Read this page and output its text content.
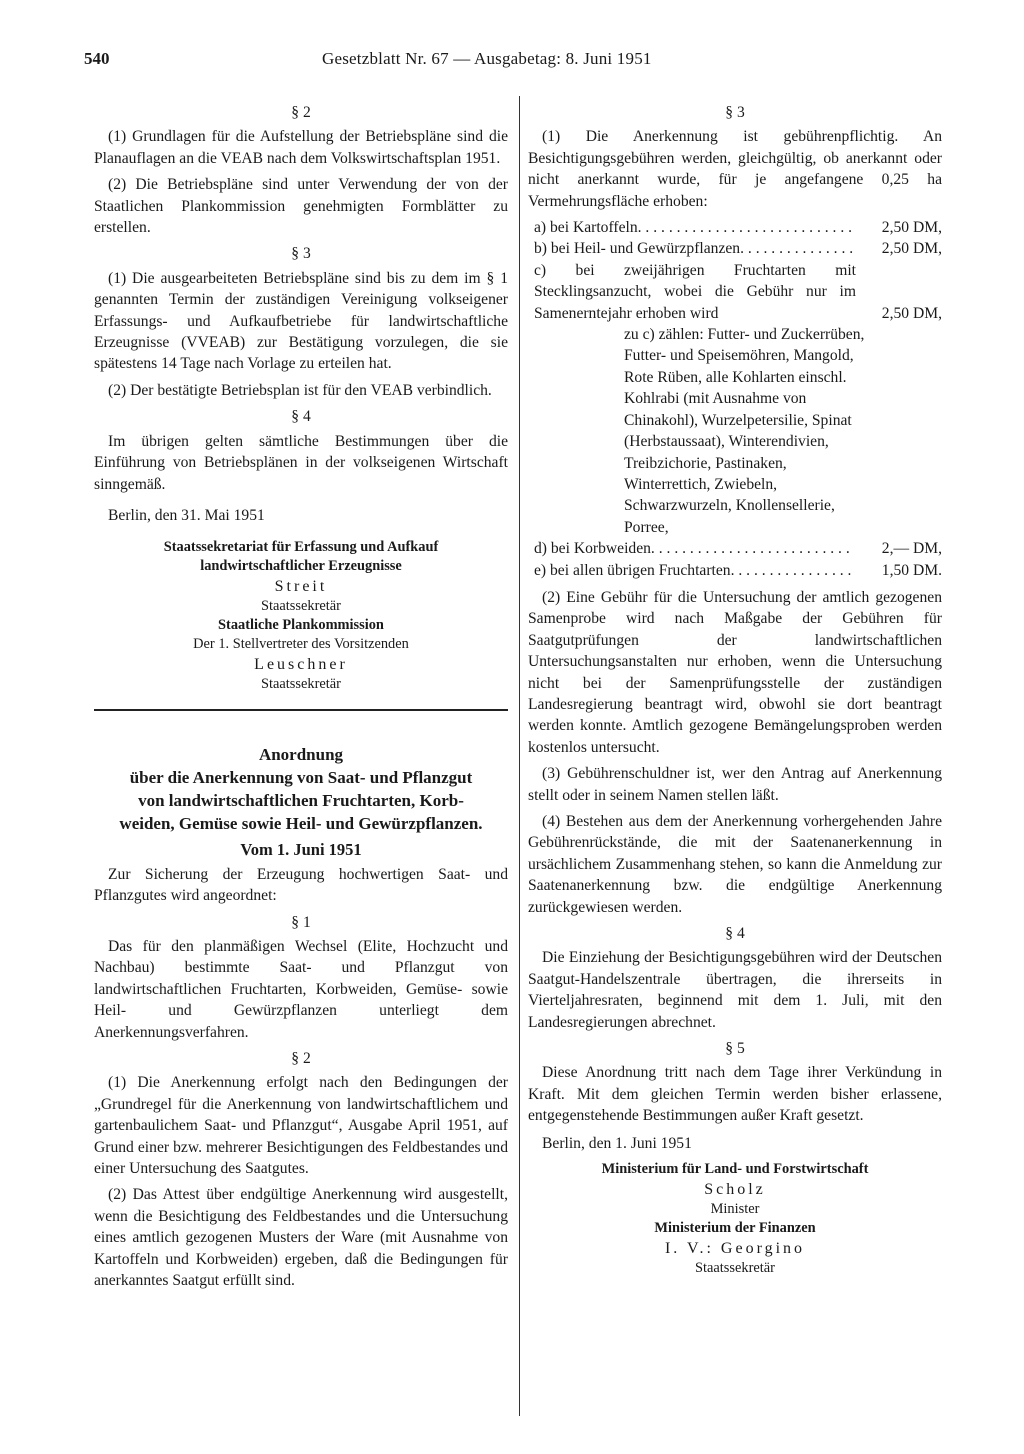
540	Gesetzblatt Nr. 67 — Ausgabetag: 8. Juni 1951
§ 2

(1) Grundlagen für die Aufstellung der Betriebspläne sind die Planauflagen an die VEAB nach dem Volkswirtschaftsplan 1951.

(2) Die Betriebspläne sind unter Verwendung der von der Staatlichen Plankommission genehmigten Formblätter zu erstellen.

§ 3

(1) Die ausgearbeiteten Betriebspläne sind bis zu dem im § 1 genannten Termin der zuständigen Vereinigung volkseigener Erfassungs- und Aufkaufbetriebe für landwirtschaftliche Erzeugnisse (VVEAB) zur Bestätigung vorzulegen, die sie spätestens 14 Tage nach Vorlage zu erteilen hat.

(2) Der bestätigte Betriebsplan ist für den VEAB verbindlich.

§ 4

Im übrigen gelten sämtliche Bestimmungen über die Einführung von Betriebsplänen in der volkseigenen Wirtschaft sinngemäß.

Berlin, den 31. Mai 1951
Staatssekretariat für Erfassung und Aufkauf
landwirtschaftlicher Erzeugnisse
Streit
Staatssekretär
Staatliche Plankommission
Der 1. Stellvertreter des Vorsitzenden
Leuschner
Staatssekretär
Anordnung
über die Anerkennung von Saat- und Pflanzgut
von landwirtschaftlichen Fruchtarten, Korb-
weiden, Gemüse sowie Heil- und Gewürzpflanzen.
Vom 1. Juni 1951

Zur Sicherung der Erzeugung hochwertigen Saat- und Pflanzgutes wird angeordnet:

§ 1

Das für den planmäßigen Wechsel (Elite, Hochzucht und Nachbau) bestimmte Saat- und Pflanzgut von landwirtschaftlichen Fruchtarten, Korbweiden, Gemüse- sowie Heil- und Gewürzpflanzen unterliegt dem Anerkennungsverfahren.

§ 2

(1) Die Anerkennung erfolgt nach den Bedingungen der „Grundregel für die Anerkennung von landwirtschaftlichem und gartenbaulichem Saat- und Pflanzgut“, Ausgabe April 1951, auf Grund einer bzw. mehrerer Besichtigungen des Feldbestandes und einer Untersuchung des Saatgutes.

(2) Das Attest über endgültige Anerkennung wird ausgestellt, wenn die Besichtigung des Feldbestandes und die Untersuchung eines amtlich gezogenen Musters der Ware (mit Ausnahme von Kartoffeln und Korbweiden) ergeben, daß die Bedingungen für anerkanntes Saatgut erfüllt sind.

§ 3

(1) Die Anerkennung ist gebührenpflichtig. An Besichtigungsgebühren werden, gleichgültig, ob anerkannt oder nicht anerkannt wurde, für je angefangene 0,25 ha Vermehrungsfläche erhoben:

a) bei Kartoffeln . . .	2,50 DM,
b) bei Heil- und Gewürzpflanzen . . .	2,50 DM,
c) bei zweijährigen Fruchtarten mit Stecklingsanzucht, wobei die Gebühr nur im Samenerntejahr erhoben wird	2,50 DM,
zu c) zählen: Futter- und Zuckerrüben, Futter- und Speisemöhren, Mangold, Rote Rüben, alle Kohlarten einschl. Kohlrabi (mit Ausnahme von Chinakohl), Wurzelpetersilie, Spinat (Herbstaussaat), Winterendivien, Treibzichorie, Pastinaken, Winterrettich, Zwiebeln, Schwarzwurzeln, Knollensellerie, Porree,
d) bei Korbweiden . . .	2,— DM,
e) bei allen übrigen Fruchtarten . . .	1,50 DM.

(2) Eine Gebühr für die Untersuchung der amtlich gezogenen Samenprobe wird nach Maßgabe der Gebühren für Saatgutprüfungen der landwirtschaftlichen Untersuchungsanstalten nur erhoben, wenn die Untersuchung nicht bei der Samenprüfungsstelle der zuständigen Landesregierung beantragt wird, obwohl sie dort beantragt werden konnte. Amtlich gezogene Bemängelungsproben werden kostenlos untersucht.

(3) Gebührenschuldner ist, wer den Antrag auf Anerkennung stellt oder in seinem Namen stellen läßt.

(4) Bestehen aus dem der Anerkennung vorhergehenden Jahre Gebührenrückstände, die mit der Saatenanerkennung in ursächlichem Zusammenhang stehen, so kann die Anmeldung zur Saatenanerkennung bzw. die endgültige Anerkennung zurückgewiesen werden.

§ 4

Die Einziehung der Besichtigungsgebühren wird der Deutschen Saatgut-Handelszentrale übertragen, die ihrerseits in Vierteljahresraten, beginnend mit dem 1. Juli, mit den Landesregierungen abrechnet.

§ 5

Diese Anordnung tritt nach dem Tage ihrer Verkündung in Kraft. Mit dem gleichen Termin werden bisher erlassene, entgegenstehende Bestimmungen außer Kraft gesetzt.

Berlin, den 1. Juni 1951
Ministerium für Land- und Forstwirtschaft
Scholz
Minister
Ministerium der Finanzen
I. V.: Georgino
Staatssekretär
